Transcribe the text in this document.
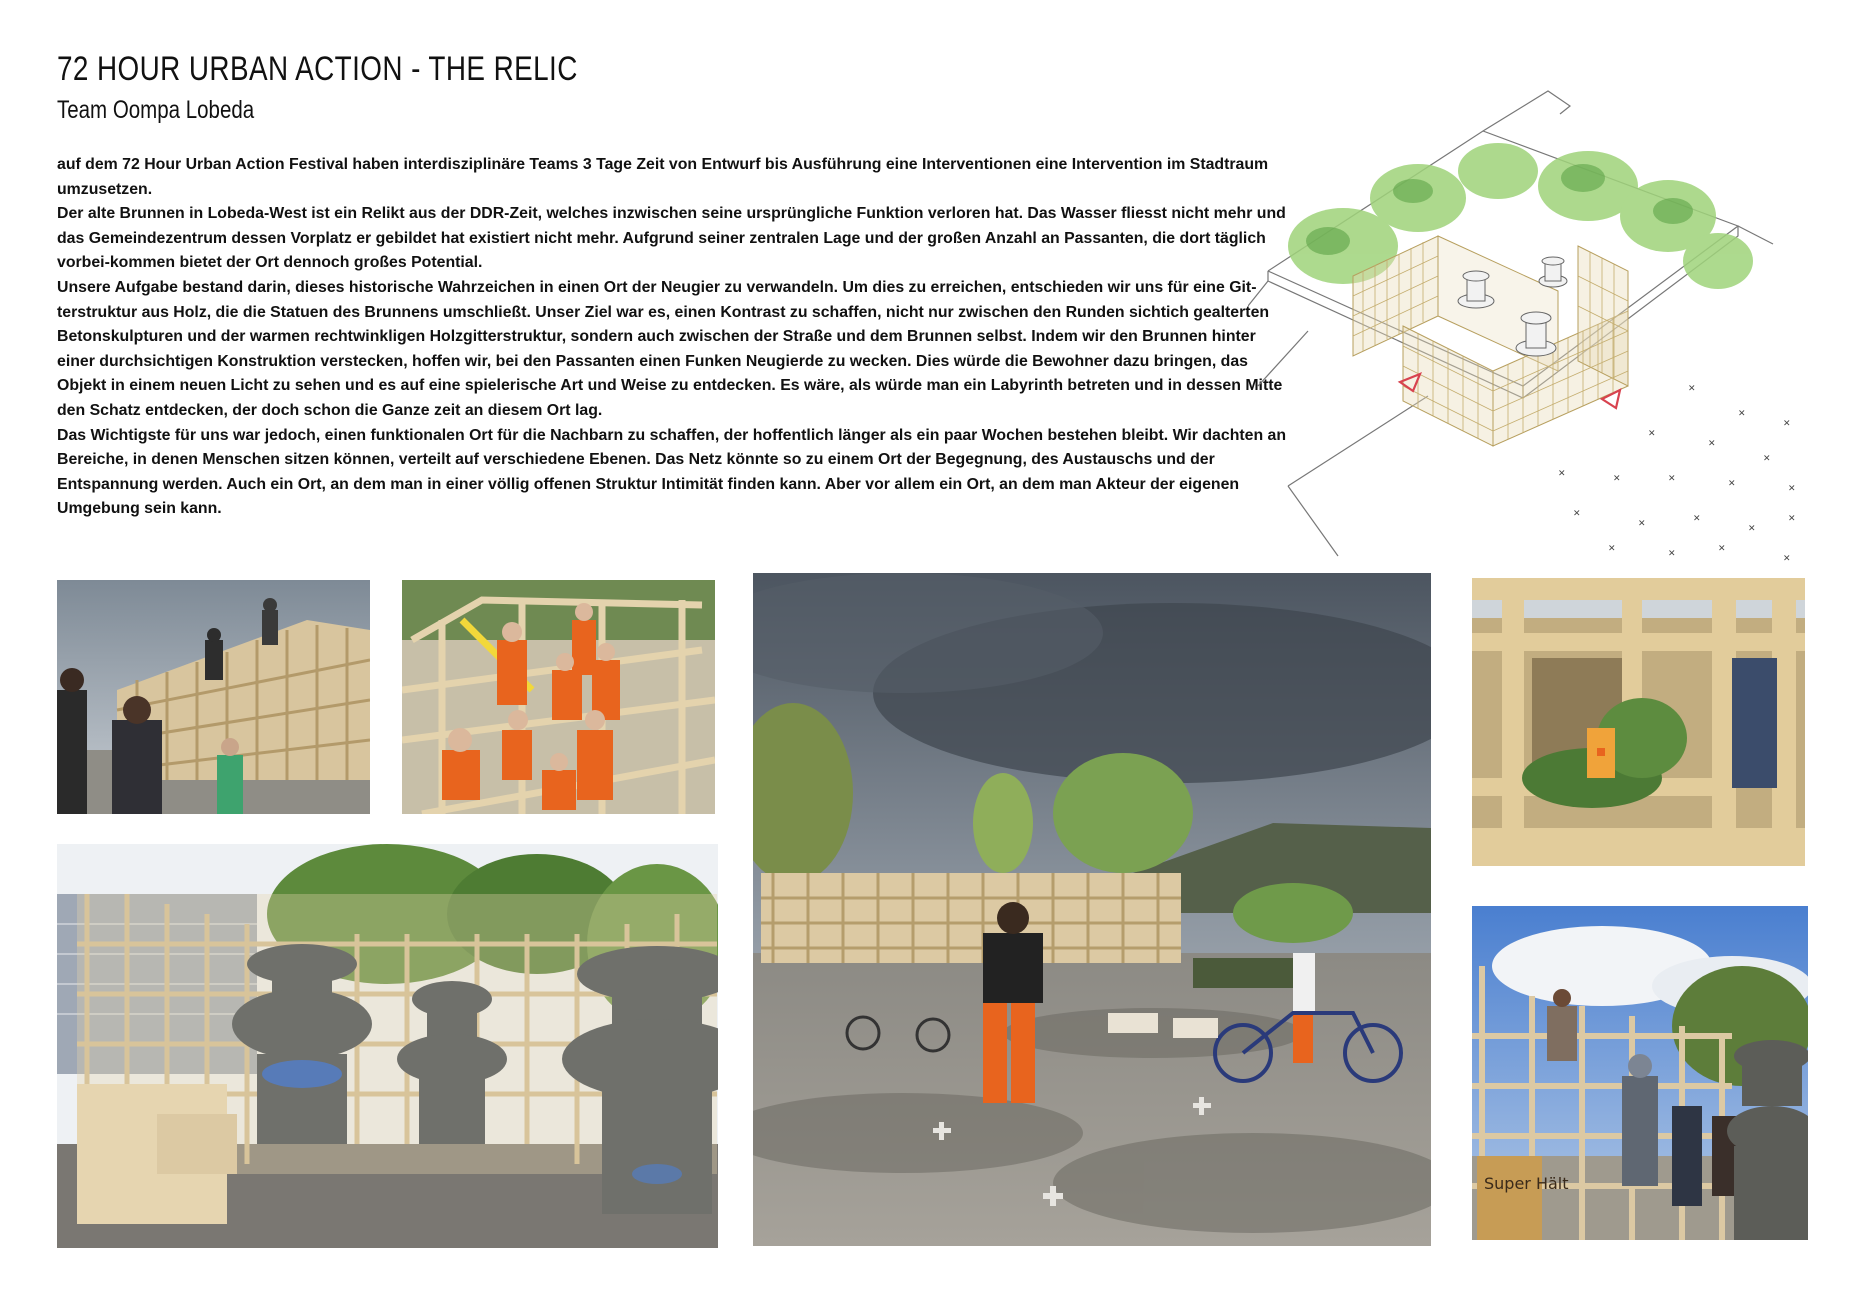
72 HOUR URBAN ACTION - THE RELIC
Team Oompa Lobeda

auf dem 72 Hour Urban Action Festival haben interdisziplinäre Teams 3 Tage Zeit von Entwurf bis Ausführung eine Interventionen eine Intervention im Stadtraum umzusetzen.

Der alte Brunnen in Lobeda-West ist ein Relikt aus der DDR-Zeit, welches inzwischen seine ursprüngliche Funktion verloren hat. Das Wasser fliesst nicht mehr und das Gemeindezentrum dessen Vorplatz er gebildet hat existiert nicht mehr. Aufgrund seiner zentralen Lage und der großen Anzahl an Passanten, die dort täglich vorbei-kommen bietet der Ort dennoch großes Potential.

Unsere Aufgabe bestand darin, dieses historische Wahrzeichen in einen Ort der Neugier zu verwandeln. Um dies zu erreichen, entschieden wir uns für eine Git-terstruktur aus Holz, die die Statuen des Brunnens umschließt. Unser Ziel war es, einen Kontrast zu schaffen, nicht nur zwischen den Runden sichtich gealterten Betonskulpturen und der warmen rechtwinkligen Holzgitterstruktur, sondern auch zwischen der Straße und dem Brunnen selbst. Indem wir den Brunnen hinter einer durchsichtigen Konstruktion verstecken, hoffen wir, bei den Passanten einen Funken Neugierde zu wecken. Dies würde die Bewohner dazu bringen, das Objekt in einem neuen Licht zu sehen und es auf eine spielerische Art und Weise zu entdecken. Es wäre, als würde man ein Labyrinth betreten und in dessen Mitte den Schatz entdecken, der doch schon die Ganze zeit an diesem Ort lag.

Das Wichtigste für uns war jedoch, einen funktionalen Ort für die Nachbarn zu schaffen, der hoffentlich länger als ein paar Wochen bestehen bleibt. Wir dachten an Bereiche, in denen Menschen sitzen können, verteilt auf verschiedene Ebenen. Das Netz könnte so zu einem Ort der Begegnung, des Austauschs und der Entspannung werden. Auch ein Ort, an dem man in einer völlig offenen Struktur Intimität finden kann. Aber vor allem ein Ort, an dem man Akteur der eigenen Umgebung sein kann.

✕
✕
✕
✕
✕
✕
✕	✕	✕	✕	✕
✕
✕	✕
✕
✕
✕	✕	✕
✕
Super Hält
